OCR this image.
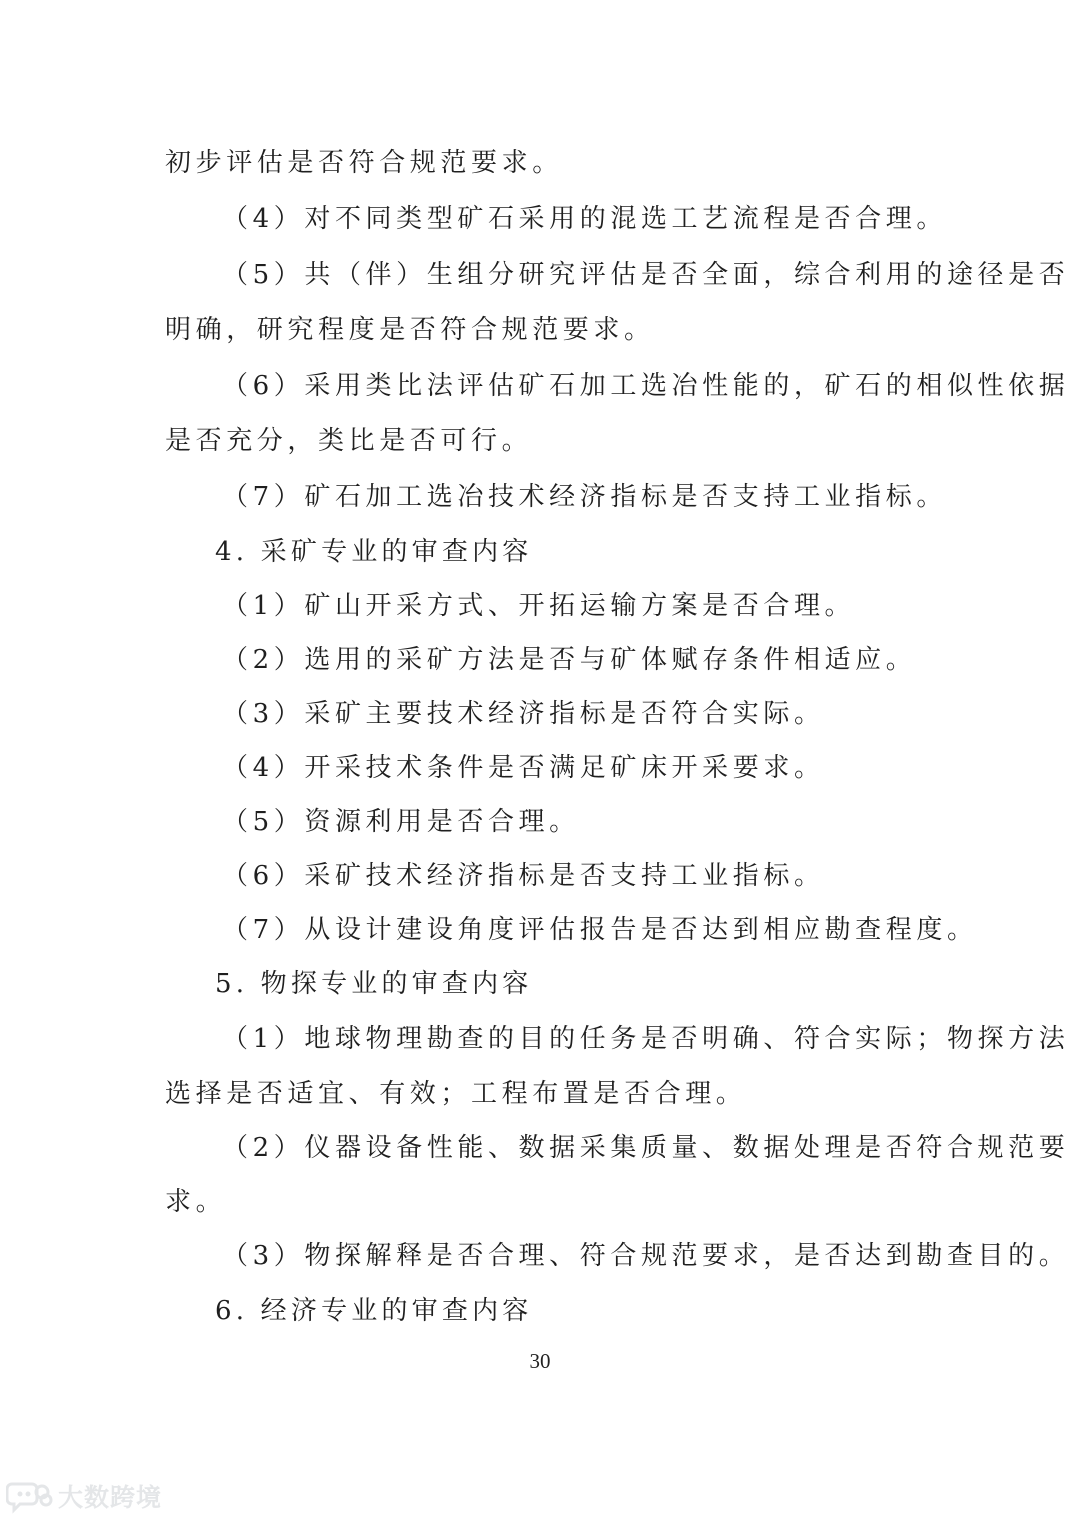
初步评估是否符合规范要求。
（4）对不同类型矿石采用的混选工艺流程是否合理。
（5）共（伴）生组分研究评估是否全面，综合利用的途径是否
明确，研究程度是否符合规范要求。
（6）采用类比法评估矿石加工选冶性能的，矿石的相似性依据
是否充分，类比是否可行。
（7）矿石加工选冶技术经济指标是否支持工业指标。
4. 采矿专业的审查内容
（1）矿山开采方式、开拓运输方案是否合理。
（2）选用的采矿方法是否与矿体赋存条件相适应。
（3）采矿主要技术经济指标是否符合实际。
（4）开采技术条件是否满足矿床开采要求。
（5）资源利用是否合理。
（6）采矿技术经济指标是否支持工业指标。
（7）从设计建设角度评估报告是否达到相应勘查程度。
5. 物探专业的审查内容
（1）地球物理勘查的目的任务是否明确、符合实际；物探方法
选择是否适宜、有效；工程布置是否合理。
（2）仪器设备性能、数据采集质量、数据处理是否符合规范要
求。
（3）物探解释是否合理、符合规范要求，是否达到勘查目的。
6. 经济专业的审查内容
30
大数跨境
